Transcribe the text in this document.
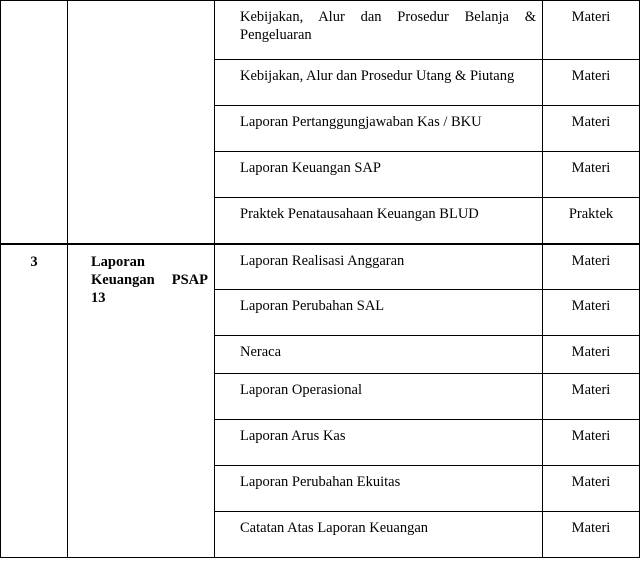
		Kebijakan, Alur dan Prosedur Belanja & Pengeluaran	Materi

		Kebijakan, Alur dan Prosedur Utang & Piutang	Materi

		Laporan Pertanggungjawaban Kas / BKU	Materi

		Laporan Keuangan SAP	Materi

		Praktek Penatausahaan Keuangan BLUD	Praktek

3	Laporan Keuangan PSAP 13	Laporan Realisasi Anggaran	Materi

		Laporan Perubahan SAL	Materi

		Neraca	Materi

		Laporan Operasional	Materi

		Laporan Arus Kas	Materi

		Laporan Perubahan Ekuitas	Materi

		Catatan Atas Laporan Keuangan	Materi
